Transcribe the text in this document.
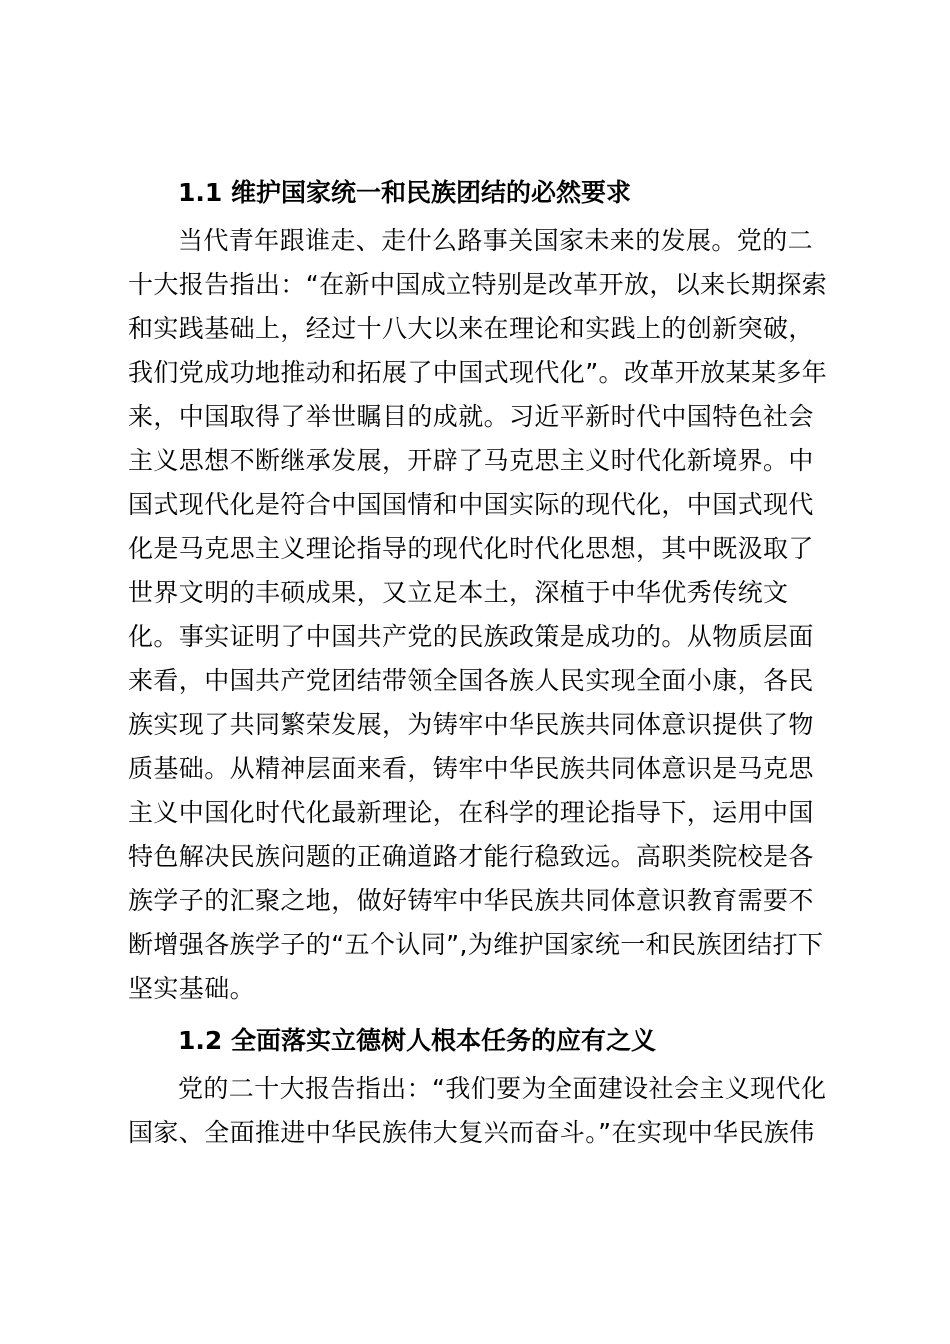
1.1 维护国家统一和民族团结的必然要求
当代青年跟谁走、走什么路事关国家未来的发展。党的二
十大报告指出：“在新中国成立特别是改革开放，以来长期探索
和实践基础上，经过十八大以来在理论和实践上的创新突破，
我们党成功地推动和拓展了中国式现代化”。改革开放某某多年
来，中国取得了举世瞩目的成就。习近平新时代中国特色社会
主义思想不断继承发展，开辟了马克思主义时代化新境界。中
国式现代化是符合中国国情和中国实际的现代化，中国式现代
化是马克思主义理论指导的现代化时代化思想，其中既汲取了
世界文明的丰硕成果，又立足本土，深植于中华优秀传统文
化。事实证明了中国共产党的民族政策是成功的。从物质层面
来看，中国共产党团结带领全国各族人民实现全面小康，各民
族实现了共同繁荣发展，为铸牢中华民族共同体意识提供了物
质基础。从精神层面来看，铸牢中华民族共同体意识是马克思
主义中国化时代化最新理论，在科学的理论指导下，运用中国
特色解决民族问题的正确道路才能行稳致远。高职类院校是各
族学子的汇聚之地，做好铸牢中华民族共同体意识教育需要不
断增强各族学子的“五个认同”,为维护国家统一和民族团结打下
坚实基础。
1.2 全面落实立德树人根本任务的应有之义
党的二十大报告指出：“我们要为全面建设社会主义现代化
国家、全面推进中华民族伟大复兴而奋斗。”在实现中华民族伟
